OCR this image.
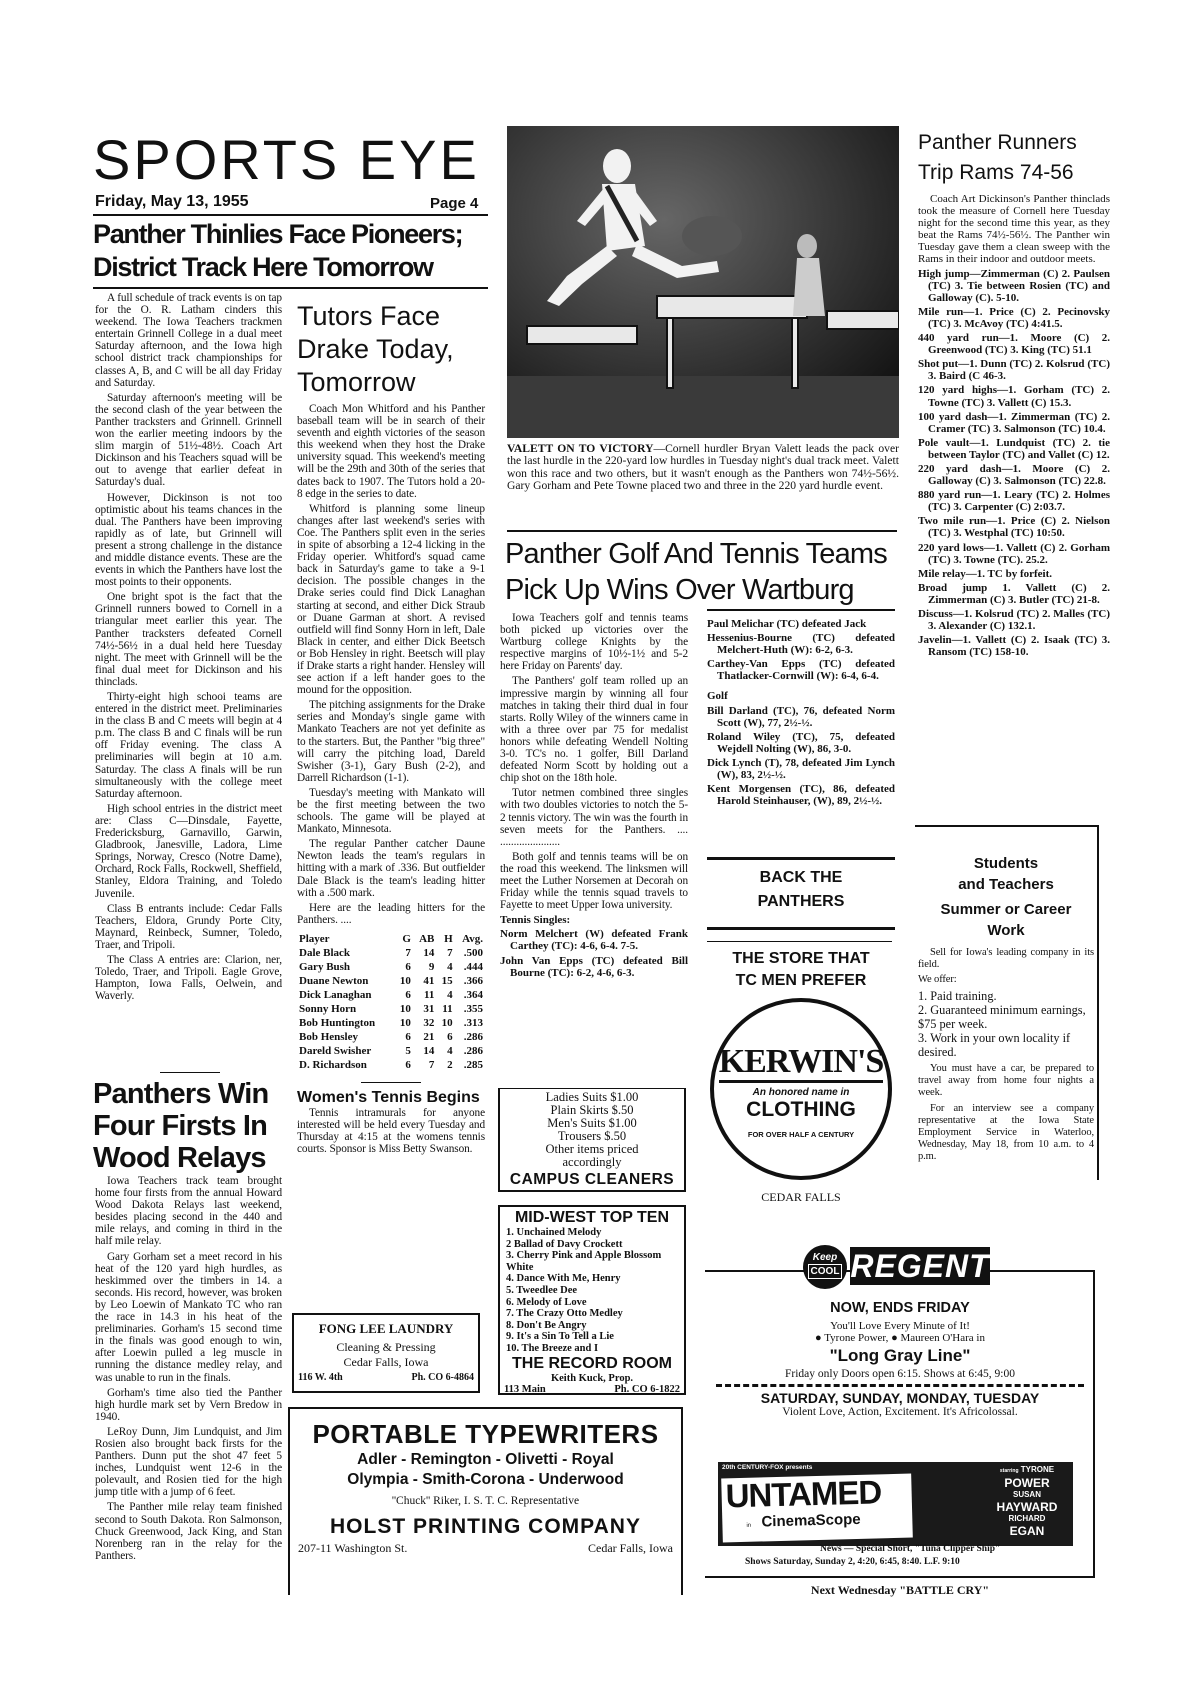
SPORTS EYE
Friday, May 13, 1955	Page 4
Panther Thinlies Face Pioneers;
District Track Here Tomorrow

A full schedule of track events is on tap for the O. R. Latham cinders this weekend. The Iowa Teachers trackmen entertain Grinnell College in a dual meet Saturday afternoon, and the Iowa high school district track championships for classes A, B, and C will be all day Friday and Saturday.

Saturday afternoon's meeting will be the second clash of the year between the Panther tracksters and Grinnell. Grinnell won the earlier meeting indoors by the slim margin of 51½-48½. Coach Art Dickinson and his Teachers squad will be out to avenge that earlier defeat in Saturday's dual.

However, Dickinson is not too optimistic about his teams chances in the dual. The Panthers have been improving rapidly as of late, but Grinnell will present a strong challenge in the distance and middle distance events. These are the events in which the Panthers have lost the most points to their opponents.

One bright spot is the fact that the Grinnell runners bowed to Cornell in a triangular meet earlier this year. The Panther tracksters defeated Cornell 74½-56½ in a dual held here Tuesday night. The meet with Grinnell will be the final dual meet for Dickinson and his thinclads.

Thirty-eight high schooi teams are entered in the district meet. Preliminaries in the class B and C meets will begin at 4 p.m. The class B and C finals will be run off Friday evening. The class A preliminaries will begin at 10 a.m. Saturday. The class A finals will be run simultaneously with the college meet Saturday afternoon.

High school entries in the district meet are: Class C—Dinsdale, Fayette, Fredericksburg, Garnavillo, Garwin, Gladbrook, Janesville, Ladora, Lime Springs, Norway, Cresco (Notre Dame), Orchard, Rock Falls, Rockwell, Sheffield, Stanley, Eldora Training, and Toledo Juvenile.

Class B entrants include: Cedar Falls Teachers, Eldora, Grundy Porte City, Maynard, Reinbeck, Sumner, Toledo, Traer, and Tripoli.

The Class A entries are: Clarion, ner, Toledo, Traer, and Tripoli. Eagle Grove, Hampton, Iowa Falls, Oelwein, and Waverly.

Panthers Win
Four Firsts In
Wood Relays

Iowa Teachers track team brought home four firsts from the annual Howard Wood Dakota Relays last weekend, besides placing second in the 440 and mile relays, and coming in third in the half mile relay.

Gary Gorham set a meet record in his heat of the 120 yard high hurdles, as heskimmed over the timbers in 14. a seconds. His record, however, was broken by Leo Loewin of Mankato TC who ran the race in 14.3 in his heat of the preliminaries. Gorham's 15 second time in the finals was good enough to win, after Loewin pulled a leg muscle in running the distance medley relay, and was unable to run in the finals.

Gorham's time also tied the Panther high hurdle mark set by Vern Bredow in 1940.

LeRoy Dunn, Jim Lundquist, and Jim Rosien also brought back firsts for the Panthers. Dunn put the shot 47 feet 5 inches, Lundquist went 12-6 in the polevault, and Rosien tied for the high jump title with a jump of 6 feet.

The Panther mile relay team finished second to South Dakota. Ron Salmonson, Chuck Greenwood, Jack King, and Stan Norenberg ran in the relay for the Panthers.

Tutors Face
Drake Today,
Tomorrow

Coach Mon Whitford and his Panther baseball team will be in search of their seventh and eighth victories of the season this weekend when they host the Drake university squad. This weekend's meeting will be the 29th and 30th of the series that dates back to 1907. The Tutors hold a 20-8 edge in the series to date.

Whitford is planning some lineup changes after last weekend's series with Coe. The Panthers split even in the series in spite of absorbing a 12-4 licking in the Friday operier. Whitford's squad came back in Saturday's game to take a 9-1 decision. The possible changes in the Drake series could find Dick Lanaghan starting at second, and either Dick Straub or Duane Garman at short. A revised outfield will find Sonny Horn in left, Dale Black in center, and either Dick Beetsch or Bob Hensley in right. Beetsch will play if Drake starts a right hander. Hensley will see action if a left hander goes to the mound for the opposition.

The pitching assignments for the Drake series and Monday's single game with Mankato Teachers are not yet definite as to the starters. But, the Panther "big three" will carry the pitching load, Dareld Swisher (3-1), Gary Bush (2-2), and Darrell Richardson (1-1).

Tuesday's meeting with Mankato will be the first meeting between the two schools. The game will be played at Mankato, Minnesota.

The regular Panther catcher Daune Newton leads the team's regulars in hitting with a mark of .336. But outfielder Dale Black is the team's leading hitter with a .500 mark.

Here are the leading hitters for the Panthers. ....

Player	G	AB	H	Avg.
Dale Black	7	14	7	.500
Gary Bush	6	9	4	.444
Duane Newton	10	41	15	.366
Dick Lanaghan	6	11	4	.364
Sonny Horn	10	31	11	.355
Bob Huntington	10	32	10	.313
Bob Hensley	6	21	6	.286
Dareld Swisher	5	14	4	.286
D. Richardson	6	7	2	.285
Women's Tennis Begins

Tennis intramurals for anyone interested will be held every Tuesday and Thursday at 4:15 at the womens tennis courts. Sponsor is Miss Betty Swanson.

FONG LEE LAUNDRY
Cleaning & Pressing
Cedar Falls, Iowa
116 W. 4th	Ph. CO 6-4864
VALETT ON TO VICTORY—Cornell hurdler Bryan Valett leads the pack over the last hurdle in the 220-yard low hurdles in Tuesday night's dual track meet. Valett won this race and two others, but it wasn't enough as the Panthers won 74½-56½. Gary Gorham and Pete Towne placed two and three in the 220 yard hurdle event.
Panther Golf And Tennis Teams
Pick Up Wins Over Wartburg

Iowa Teachers golf and tennis teams both picked up victories over the Wartburg college Knights by the respective margins of 10½-1½ and 5-2 here Friday on Parents' day.

The Panthers' golf team rolled up an impressive margin by winning all four matches in taking their third dual in four starts. Rolly Wiley of the winners came in with a three over par 75 for medalist honors while defeating Wendell Nolting 3-0. TC's no. 1 golfer, Bill Darland defeated Norm Scott by holding out a chip shot on the 18th hole.

Tutor netmen combined three singles with two doubles victories to notch the 5-2 tennis victory. The win was the fourth in seven meets for the Panthers. .... ......................

Both golf and tennis teams will be on the road this weekend. The linksmen will meet the Luther Norsemen at Decorah on Friday while the tennis squad travels to Fayette to meet Upper Iowa university.

Tennis Singles:

Norm Melchert (W) defeated Frank Carthey (TC): 4-6, 6-4. 7-5.

John Van Epps (TC) defeated Bill Bourne (TC): 6-2, 4-6, 6-3.

Paul Melichar (TC) defeated Jack

Hessenius-Bourne (TC) defeated Melchert-Huth (W): 6-2, 6-3.

Carthey-Van Epps (TC) defeated Thatlacker-Cornwill (W): 6-4, 6-4.

Golf

Bill Darland (TC), 76, defeated Norm Scott (W), 77, 2½-½.

Roland Wiley (TC), 75, defeated Wejdell Nolting (W), 86, 3-0.

Dick Lynch (T), 78, defeated Jim Lynch (W), 83, 2½-½.

Kent Morgensen (TC), 86, defeated Harold Steinhauser, (W), 89, 2½-½.

Ladies Suits $1.00
Plain Skirts $.50
Men's Suits $1.00
Trousers $.50
Other items priced
accordingly
CAMPUS CLEANERS
MID-WEST TOP TEN
1. Unchained Melody
2 Ballad of Davy Crockett
3. Cherry Pink and Apple Blossom White
4. Dance With Me, Henry
5. Tweedlee Dee
6. Melody of Love
7. The Crazy Otto Medley
8. Don't Be Angry
9. It's a Sin To Tell a Lie
10. The Breeze and I
THE RECORD ROOM
Keith Kuck, Prop.
113 Main	Ph. CO 6-1822
BACK THE
PANTHERS
THE STORE THAT
TC MEN PREFER
KERWIN'S
An honored name in
CLOTHING
FOR OVER HALF A CENTURY
CEDAR FALLS
Panther Runners
Trip Rams 74-56

Coach Art Dickinson's Panther thinclads took the measure of Cornell here Tuesday night for the second time this year, as they beat the Rams 74½-56½. The Panther win Tuesday gave them a clean sweep with the Rams in their indoor and outdoor meets.

High jump—Zimmerman (C) 2. Paulsen (TC) 3. Tie between Rosien (TC) and Galloway (C). 5-10.

Mile run—1. Price (C) 2. Pecinovsky (TC) 3. McAvoy (TC) 4:41.5.

440 yard run—1. Moore (C) 2. Greenwood (TC) 3. King (TC) 51.1

Shot put—1. Dunn (TC) 2. Kolsrud (TC) 3. Baird (C 46-3.

120 yard highs—1. Gorham (TC) 2. Towne (TC) 3. Vallett (C) 15.3.

100 yard dash—1. Zimmerman (TC) 2. Cramer (TC) 3. Salmonson (TC) 10.4.

Pole vault—1. Lundquist (TC) 2. tie between Taylor (TC) and Vallet (C) 12.

220 yard dash—1. Moore (C) 2. Galloway (C) 3. Salmonson (TC) 22.8.

880 yard run—1. Leary (TC) 2. Holmes (TC) 3. Carpenter (C) 2:03.7.

Two mile run—1. Price (C) 2. Nielson (TC) 3. Westphal (TC) 10:50.

220 yard lows—1. Vallett (C) 2. Gorham (TC) 3. Towne (TC). 25.2.

Mile relay—1. TC by forfeit.

Broad jump 1. Vallett (C) 2. Zimmerman (C) 3. Butler (TC) 21-8.

Discuss—1. Kolsrud (TC) 2. Malles (TC) 3. Alexander (C) 132.1.

Javelin—1. Vallett (C) 2. Isaak (TC) 3. Ransom (TC) 158-10.

Students
and Teachers
Summer or Career
Work

Sell for Iowa's leading company in its field.

We offer:

1. Paid training.
2. Guaranteed minimum earnings, $75 per week.
3. Work in your own locality if desired.

You must have a car, be prepared to travel away from home four nights a week.

For an interview see a company representative at the Iowa State Employment Service in Waterloo, Wednesday, May 18, from 10 a.m. to 4 p.m.

Keep
COOL REGENT
NOW, ENDS FRIDAY
You'll Love Every Minute of It!
● Tyrone Power, ● Maureen O'Hara in
"Long Gray Line"
Friday only Doors open 6:15. Shows at 6:45, 9:00
SATURDAY, SUNDAY, MONDAY, TUESDAY
Violent Love, Action, Excitement. It's Africolossal.
20th CENTURY-FOX presents
UNTAMED
in CinemaScope
starring TYRONE
POWER
SUSAN
HAYWARD
RICHARD
EGAN
News — Special Short, "Tuna Clipper Ship"
Shows Saturday, Sunday 2, 4:20, 6:45, 8:40. L.F. 9:10
Next Wednesday "BATTLE CRY"
PORTABLE TYPEWRITERS
Adler - Remington - Olivetti - Royal
Olympia - Smith-Corona - Underwood
''Chuck'' Riker, I. S. T. C. Representative
HOLST PRINTING COMPANY
207-11 Washington St.	Cedar Falls, Iowa
